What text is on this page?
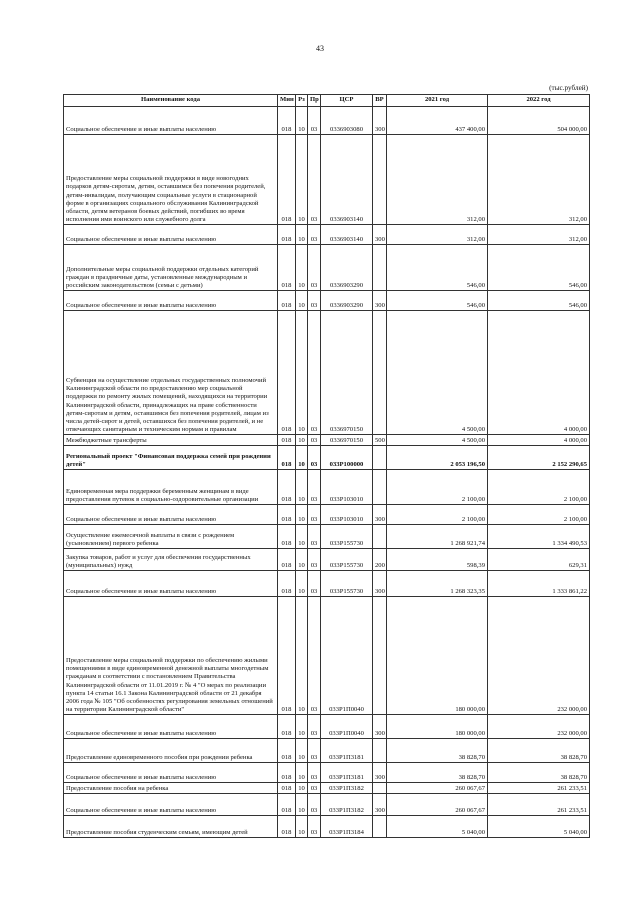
43
(тыс.рублей)
Наименование кода	Мин	Рз	Пр	ЦСР	ВР	2021 год	2022 год
Социальное обеспечение и иные выплаты населению	018	10	03	0336903080	300	437 400,00	504 000,00
Предоставление меры социальной поддержки в виде новогодних подарков детям-сиротам, детям, оставшимся без попечения родителей, детям-инвалидам, получающим социальные услуги в стационарной форме в организациях социального обслуживания Калининградской области, детям ветеранов боевых действий, погибших во время исполнения ими воинского или служебного долга	018	10	03	0336903140		312,00	312,00
Социальное обеспечение и иные выплаты населению	018	10	03	0336903140	300	312,00	312,00
Дополнительные меры социальной поддержки отдельных категорий граждан в праздничные даты, установленные международным и российским законодательством (семьи с детьми)	018	10	03	0336903290		546,00	546,00
Социальное обеспечение и иные выплаты населению	018	10	03	0336903290	300	546,00	546,00
Субвенция на осуществление отдельных государственных полномочий Калининградской области по предоставлению мер социальной поддержки по ремонту жилых помещений, находящихся на территории Калининградской области, принадлежащих на праве собственности детям-сиротам и детям, оставшимся без попечения родителей, лицам из числа детей-сирот и детей, оставшихся без попечения родителей, и не отвечающих санитарным и техническим нормам и правилам	018	10	03	0336970150		4 500,00	4 000,00
Межбюджетные трансферты	018	10	03	0336970150	500	4 500,00	4 000,00
Региональный проект "Финансовая поддержка семей при рождении детей"	018	10	03	033P100000		2 053 196,50	2 152 290,65
Единовременная мера поддержки беременным женщинам в виде предоставления путевок в социально-оздоровительные организации	018	10	03	033P103010		2 100,00	2 100,00
Социальное обеспечение и иные выплаты населению	018	10	03	033P103010	300	2 100,00	2 100,00
Осуществление ежемесячной выплаты в связи с рождением (усыновлением) первого ребенка	018	10	03	033P155730		1 268 921,74	1 334 490,53
Закупка товаров, работ и услуг для обеспечения государственных (муниципальных) нужд	018	10	03	033P155730	200	598,39	629,31
Социальное обеспечение и иные выплаты населению	018	10	03	033P155730	300	1 268 323,35	1 333 861,22
Предоставление меры социальной поддержки по обеспечению жилыми помещениями в виде единовременной денежной выплаты многодетным гражданам в соответствии с постановлением Правительства Калининградской области от 11.01.2019 г. № 4 "О мерах по реализации пункта 14 статьи 16.1 Закона Калининградской области от 21 декабря 2006 года № 105 "Об особенностях регулирования земельных отношений на территории Калининградской области"	018	10	03	033P1П0040		180 000,00	232 000,00
Социальное обеспечение и иные выплаты населению	018	10	03	033P1П0040	300	180 000,00	232 000,00
Предоставление единовременного пособия при рождении ребенка	018	10	03	033P1П3181		38 828,70	38 828,70
Социальное обеспечение и иные выплаты населению	018	10	03	033P1П3181	300	38 828,70	38 828,70
Предоставление пособия на ребенка	018	10	03	033P1П3182		260 067,67	261 233,51
Социальное обеспечение и иные выплаты населению	018	10	03	033P1П3182	300	260 067,67	261 233,51
Предоставление пособия студенческим семьям, имеющим детей	018	10	03	033P1П3184		5 040,00	5 040,00
